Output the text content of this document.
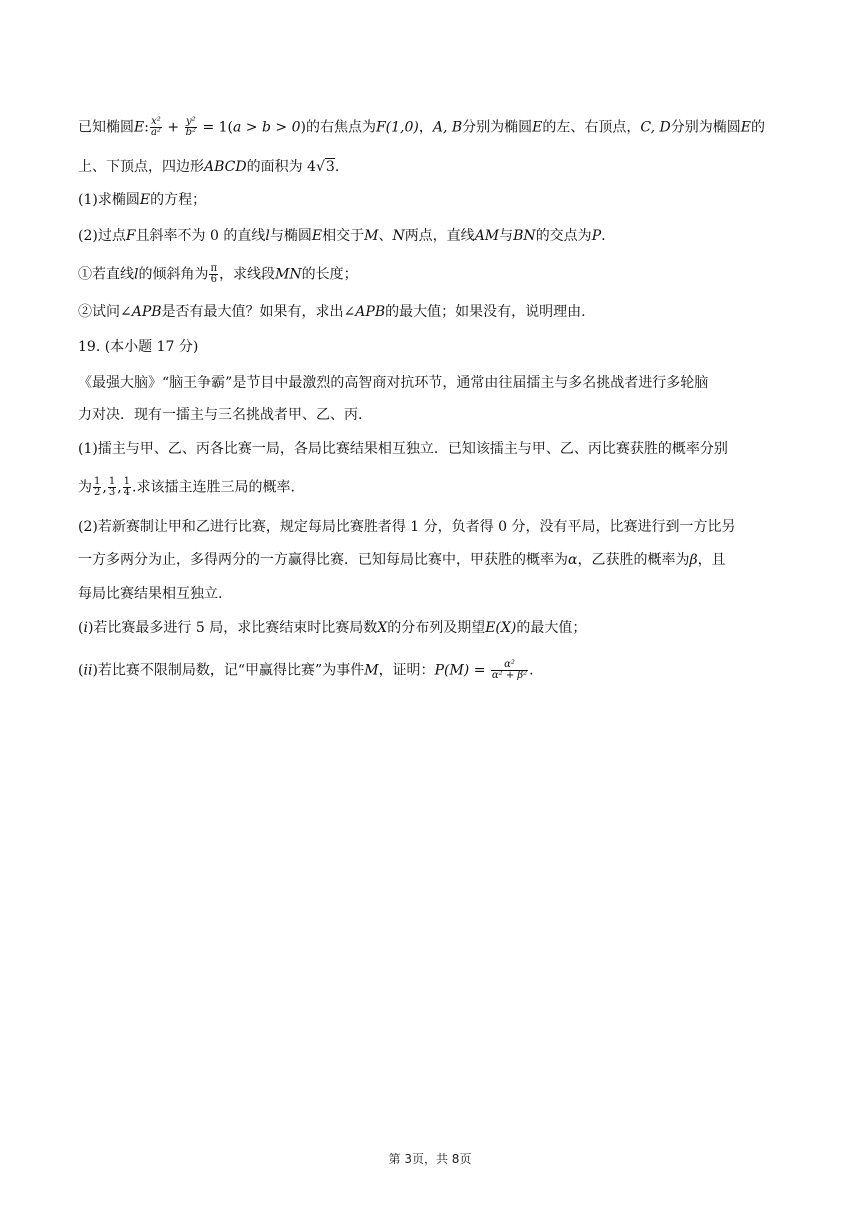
已知椭圆E: $\frac{\text{x²}}{\text{a²}} + \frac{\text{y²}}{\text{b²}} = 1(a > b > 0)$的右焦点为F(1,0)，A, B分别为椭圆E的左、右顶点，C, D分别为椭圆E的
上、下顶点，四边形ABCD的面积为 4√3.
(1)求椭圆E的方程；
(2)过点F且斜率不为 0 的直线l与椭圆E相交于M、N两点，直线AM与BN的交点为P.
①若直线l的倾斜角为 $\frac{\pi}{6}$ ，求线段MN的长度；
②试问∠APB是否有最大值？如果有，求出∠APB的最大值；如果没有，说明理由.
19. (本小题 17 分)
《最强大脑》“脑王争霸”是节目中最激烈的高智商对抗环节，通常由往届擂主与多名挑战者进行多轮脑
力对决．现有一擂主与三名挑战者甲、乙、丙.
(1)擂主与甲、乙、丙各比赛一局，各局比赛结果相互独立．已知该擂主与甲、乙、丙比赛获胜的概率分别
为 $\frac{1}{2}$ , $\frac{1}{3}$ , $\frac{1}{4}$ .求该擂主连胜三局的概率.
(2)若新赛制让甲和乙进行比赛，规定每局比赛胜者得 1 分，负者得 0 分，没有平局，比赛进行到一方比另
一方多两分为止，多得两分的一方赢得比赛．已知每局比赛中，甲获胜的概率为α，乙获胜的概率为β，且
每局比赛结果相互独立.
(i)若比赛最多进行 5 局，求比赛结束时比赛局数X的分布列及期望E(X)的最大值；
(ii)若比赛不限制局数，记“甲赢得比赛”为事件M，证明：$P(M) = \frac{\text{α²}}{\text{α² + β²}}$ .
第 3页，共 8页
